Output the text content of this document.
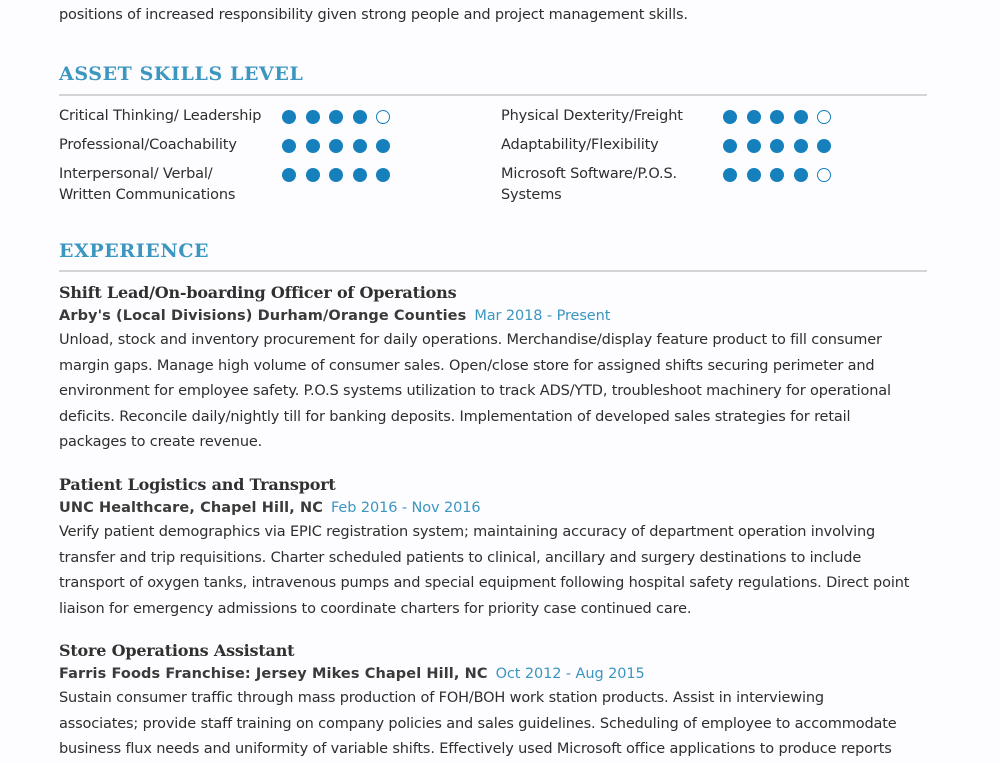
positions of increased responsibility given strong people and project management skills.
ASSET SKILLS LEVEL
Critical Thinking/ Leadership
Professional/Coachability
Interpersonal/ Verbal/
Written Communications
Physical Dexterity/Freight
Adaptability/Flexibility
Microsoft Software/P.O.S.
Systems
EXPERIENCE
Shift Lead/On-boarding Officer of Operations
Arby's (Local Divisions) Durham/Orange Counties Mar 2018 - Present
Unload, stock and inventory procurement for daily operations. Merchandise/display feature product to fill consumer
margin gaps. Manage high volume of consumer sales. Open/close store for assigned shifts securing perimeter and
environment for employee safety. P.O.S systems utilization to track ADS/YTD, troubleshoot machinery for operational
deficits. Reconcile daily/nightly till for banking deposits. Implementation of developed sales strategies for retail
packages to create revenue.
Patient Logistics and Transport
UNC Healthcare, Chapel Hill, NC Feb 2016 - Nov 2016
Verify patient demographics via EPIC registration system; maintaining accuracy of department operation involving
transfer and trip requisitions. Charter scheduled patients to clinical, ancillary and surgery destinations to include
transport of oxygen tanks, intravenous pumps and special equipment following hospital safety regulations. Direct point
liaison for emergency admissions to coordinate charters for priority case continued care.
Store Operations Assistant
Farris Foods Franchise: Jersey Mikes Chapel Hill, NC Oct 2012 - Aug 2015
Sustain consumer traffic through mass production of FOH/BOH work station products. Assist in interviewing
associates; provide staff training on company policies and sales guidelines. Scheduling of employee to accommodate
business flux needs and uniformity of variable shifts. Effectively used Microsoft office applications to produce reports
